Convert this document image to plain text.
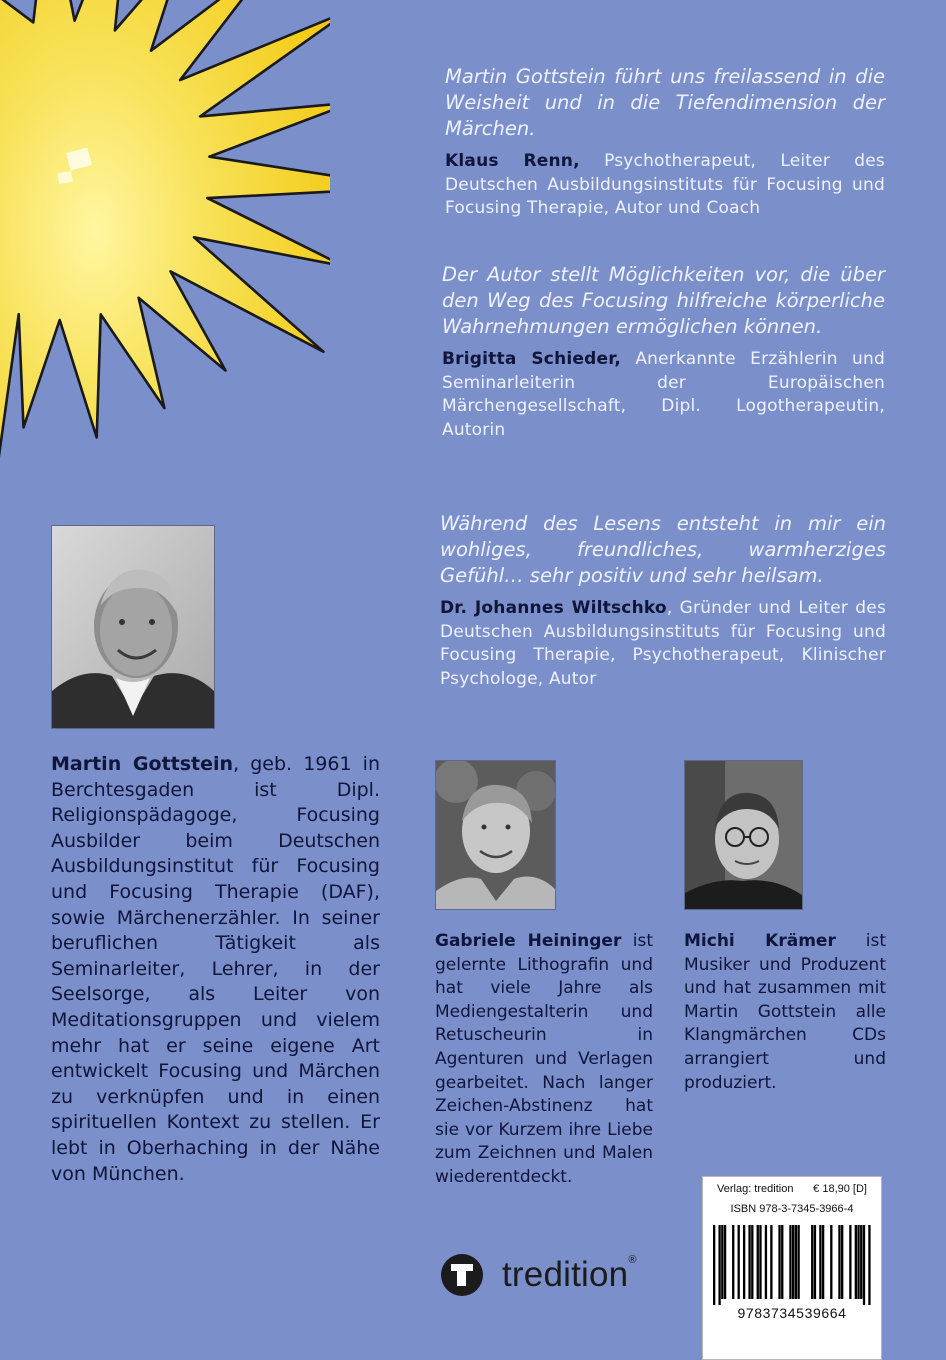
Martin Gottstein führt uns freilassend in die Weisheit und in die Tiefendimension der Märchen.

Klaus Renn, Psychotherapeut, Leiter des Deutschen Ausbildungsinstituts für Focusing und Focusing Therapie, Autor und Coach

Der Autor stellt Möglichkeiten vor, die über den Weg des Focusing hilfreiche körperliche Wahrnehmungen ermöglichen können.

Brigitta Schieder, Anerkannte Erzählerin und Seminarleiterin der Europäischen Märchengesellschaft, Dipl. Logotherapeutin, Autorin

Während des Lesens entsteht in mir ein wohliges, freundliches, warmherziges Gefühl… sehr positiv und sehr heilsam.

Dr. Johannes Wiltschko, Gründer und Leiter des Deutschen Ausbildungsinstituts für Focusing und Focusing Therapie, Psychotherapeut, Klinischer Psychologe, Autor

Martin Gottstein, geb. 1961 in Berchtesgaden ist Dipl. Religionspädagoge, Focusing Ausbilder beim Deutschen Ausbildungsinstitut für Focusing und Focusing Therapie (DAF), sowie Märchenerzähler. In seiner beruflichen Tätigkeit als Seminarleiter, Lehrer, in der Seelsorge, als Leiter von Meditationsgruppen und vielem mehr hat er seine eigene Art entwickelt Focusing und Märchen zu verknüpfen und in einen spirituellen Kontext zu stellen. Er lebt in Oberhaching in der Nähe von München.

Gabriele Heininger ist gelernte Lithografin und hat viele Jahre als Mediengestalterin und Retuscheurin in Agenturen und Verlagen gearbeitet. Nach langer Zeichen-Abstinenz hat sie vor Kurzem ihre Liebe zum Zeichnen und Malen wiederentdeckt.

Michi Krämer ist Musiker und Produzent und hat zusammen mit Martin Gottstein alle Klangmärchen CDs arrangiert und produziert.

tredition®
Verlag: tredition € 18,90 [D]
ISBN 978-3-7345-3966-4
9783734539664
